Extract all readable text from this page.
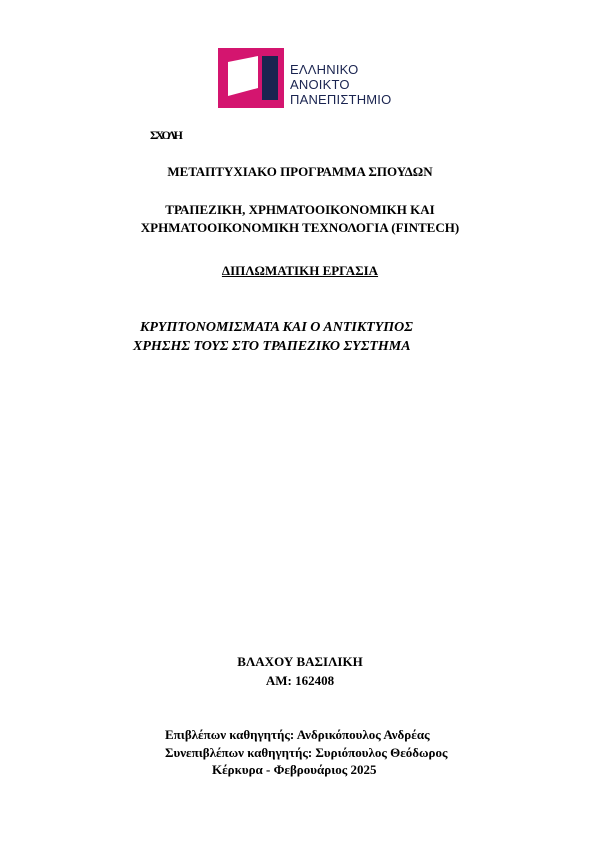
ΕΛΛΗΝΙΚΟ
ΑΝΟΙΚΤΟ
ΠΑΝΕΠΙΣΤΗΜΙΟ
ΣΧΟΛΗ
ΜΕΤΑΠΤΥΧΙΑΚΟ ΠΡΟΓΡΑΜΜΑ ΣΠΟΥΔΩΝ
ΤΡΑΠΕΖΙΚΗ, ΧΡΗΜΑΤΟΟΙΚΟΝΟΜΙΚΗ ΚΑΙ
ΧΡΗΜΑΤΟΟΙΚΟΝΟΜΙΚΗ ΤΕΧΝΟΛΟΓΙΑ (FINTECH)
ΔΙΠΛΩΜΑΤΙΚΗ ΕΡΓΑΣΙΑ
ΚΡΥΠΤΟΝΟΜΙΣΜΑΤΑ ΚΑΙ Ο ΑΝΤΙΚΤΥΠΟΣ
ΧΡΗΣΗΣ ΤΟΥΣ ΣΤΟ ΤΡΑΠΕΖΙΚΟ ΣΥΣΤΗΜΑ
ΒΛΑΧΟΥ ΒΑΣΙΛΙΚΗ
ΑΜ: 162408
Επιβλέπων καθηγητής: Ανδρικόπουλος Ανδρέας
Συνεπιβλέπων καθηγητής: Συριόπουλος Θεόδωρος
Κέρκυρα - Φεβρουάριος 2025
